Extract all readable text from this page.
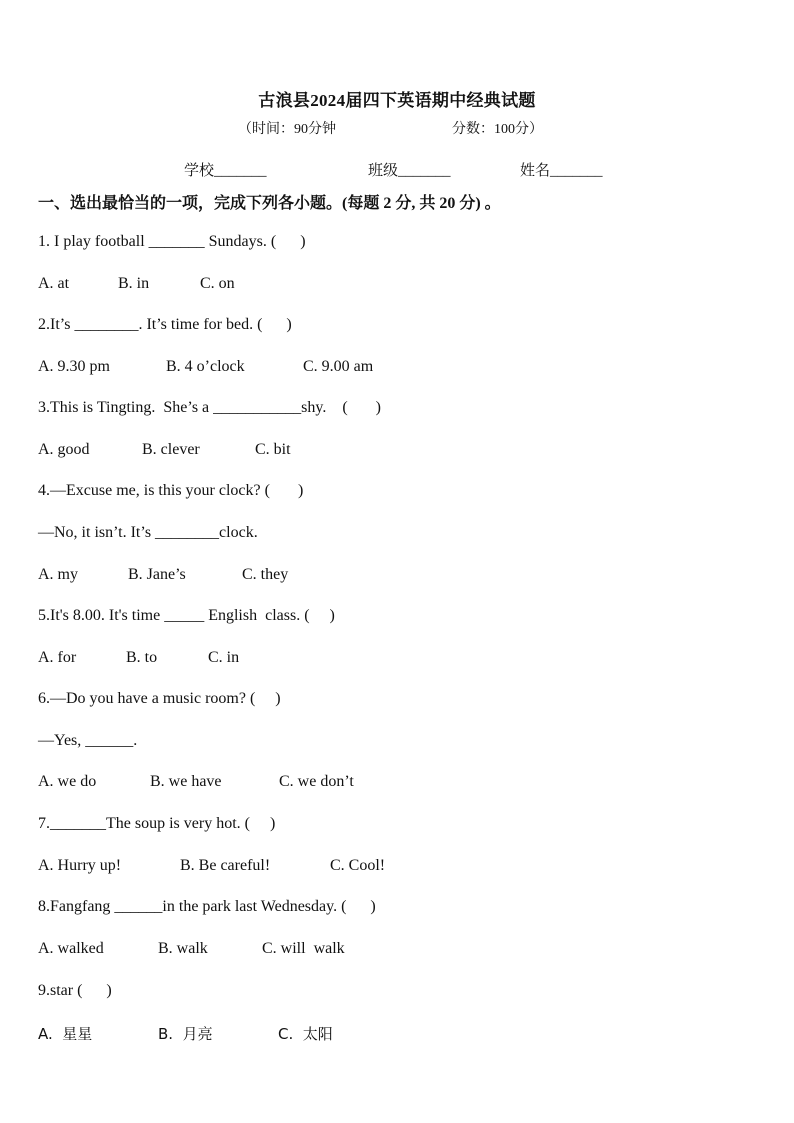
古浪县2024届四下英语期中经典试题
（时间：90分钟	分数：100分）
学校_______	班级_______	姓名_______
一、选出最恰当的一项，完成下列各小题。(每题 2 分, 共 20 分) 。
1. I play football _______ Sundays. (      )
A. at	B. in	C. on
2.It’s ________. It’s time for bed. (      )
A. 9.30 pm	B. 4 o’clock	C. 9.00 am
3.This is Tingting.  She’s a ___________shy.    (       )
A. good	B. clever	C. bit
4.—Excuse me, is this your clock? (       )
—No, it isn’t. It’s ________clock.
A. my	B. Jane’s	C. they
5.It's 8.00. It's time _____ English  class. (     )
A. for	B. to	C. in
6.—Do you have a music room? (     )
—Yes, ______.
A. we do	B. we have	C. we don’t
7._______The soup is very hot. (     )
A. Hurry up!	B. Be careful!	C. Cool!
8.Fangfang ______in the park last Wednesday. (      )
A. walked	B. walk	C. will  walk
9.star (      )
A.  星星	B.  月亮	C.  太阳
